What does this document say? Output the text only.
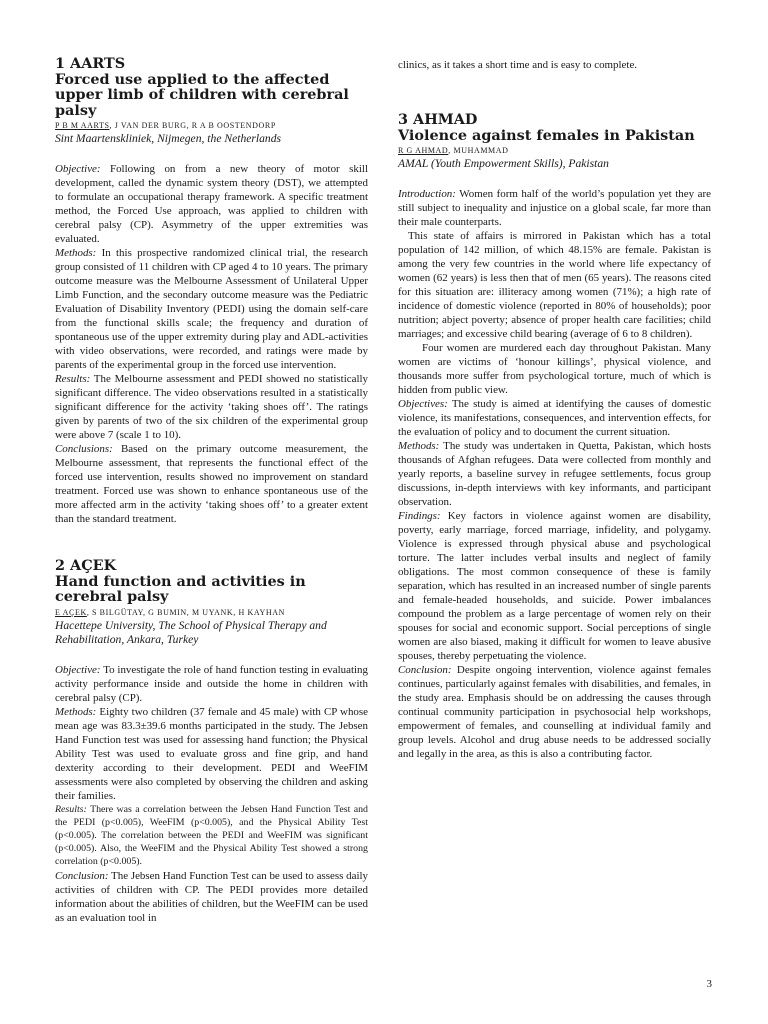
1 AARTS
Forced use applied to the affected upper limb of children with cerebral palsy
P B M AARTS, J VAN DER BURG, R A B OOSTENDORP
Sint Maartenskliniek, Nijmegen, the Netherlands

Objective: Following on from a new theory of motor skill development, called the dynamic system theory (DST), we attempted to formulate an occupational therapy framework. A specific treatment method, the Forced Use approach, was applied to children with cerebral palsy (CP). Asymmetry of the upper extremities was evaluated.

Methods: In this prospective randomized clinical trial, the research group consisted of 11 children with CP aged 4 to 10 years. The primary outcome measure was the Melbourne Assessment of Unilateral Upper Limb Function, and the secondary outcome measure was the Pediatric Evaluation of Disability Inventory (PEDI) using the domain self-care from the functional skills scale; the frequency and duration of spontaneous use of the upper extremity during play and ADL-activities with video observations, were recorded, and ratings were made by parents of the experimental group in the forced use intervention.

Results: The Melbourne assessment and PEDI showed no statistically significant difference. The video observations resulted in a statistically significant difference for the activity ‘taking shoes off’. The ratings given by parents of two of the six children of the experimental group were above 7 (scale 1 to 10).

Conclusions: Based on the primary outcome measurement, the Melbourne assessment, that represents the functional effect of the forced use intervention, results showed no improvement on standard treatment. Forced use was shown to enhance spontaneous use of the more affected arm in the activity ‘taking shoes off’ to a greater extent than the standard treatment.

2 AÇEK
Hand function and activities in cerebral palsy
E AÇEK, S BILGÜTAY, G BUMIN, M UYANK, H KAYHAN
Hacettepe University, The School of Physical Therapy and Rehabilitation, Ankara, Turkey

Objective: To investigate the role of hand function testing in evaluating activity performance inside and outside the home in children with cerebral palsy (CP).

Methods: Eighty two children (37 female and 45 male) with CP whose mean age was 83.3±39.6 months participated in the study. The Jebsen Hand Function test was used for assessing hand function; the Physical Ability Test was used to evaluate gross and fine grip, and hand dexterity according to their development. PEDI and WeeFIM assessments were also completed by observing the children and asking their families.

Results: There was a correlation between the Jebsen Hand Function Test and the PEDI (p<0.005), WeeFIM (p<0.005), and the Physical Ability Test (p<0.005). The correlation between the PEDI and WeeFIM was significant (p<0.005). Also, the WeeFIM and the Physical Ability Test showed a strong correlation (p<0.005).

Conclusion: The Jebsen Hand Function Test can be used to assess daily activities of children with CP. The PEDI provides more detailed information about the abilities of children, but the WeeFIM can be used as an evaluation tool in

clinics, as it takes a short time and is easy to complete.

3 AHMAD
Violence against females in Pakistan
R G AHMAD, MUHAMMAD
AMAL (Youth Empowerment Skills), Pakistan

Introduction: Women form half of the world’s population yet they are still subject to inequality and injustice on a global scale, far more than their male counterparts.

This state of affairs is mirrored in Pakistan which has a total population of 142 million, of which 48.15% are female. Pakistan is among the very few countries in the world where life expectancy of women (62 years) is less then that of men (65 years). The reasons cited for this situation are: illiteracy among women (71%); a high rate of incidence of domestic violence (reported in 80% of households); poor nutrition; abject poverty; absence of proper health care facilities; child marriages; and excessive child bearing (average of 6 to 8 children).

Four women are murdered each day throughout Pakistan. Many women are victims of ‘honour killings’, physical violence, and thousands more suffer from psychological torture, much of which is hidden from public view.

Objectives: The study is aimed at identifying the causes of domestic violence, its manifestations, consequences, and intervention effects, for the evaluation of policy and to document the current situation.

Methods: The study was undertaken in Quetta, Pakistan, which hosts thousands of Afghan refugees. Data were collected from monthly and yearly reports, a baseline survey in refugee settlements, focus group discussions, in-depth interviews with key informants, and participant observation.

Findings: Key factors in violence against women are disability, poverty, early marriage, forced marriage, infidelity, and polygamy. Violence is expressed through physical abuse and psychological torture. The latter includes verbal insults and neglect of family obligations. The most common consequence of these is family separation, which has resulted in an increased number of single parents and female-headed households, and suicide. Power imbalances compound the problem as a large percentage of women rely on their spouses for social and economic support. Social perceptions of single women are also biased, making it difficult for women to leave abusive spouses, thereby perpetuating the violence.

Conclusion: Despite ongoing intervention, violence against females continues, particularly against females with disabilities, and females, in the study area. Emphasis should be on addressing the causes through continual community participation in psychosocial help workshops, empowerment of females, and counselling at individual family and group levels. Alcohol and drug abuse needs to be addressed socially and legally in the area, as this is also a contributing factor.

3
